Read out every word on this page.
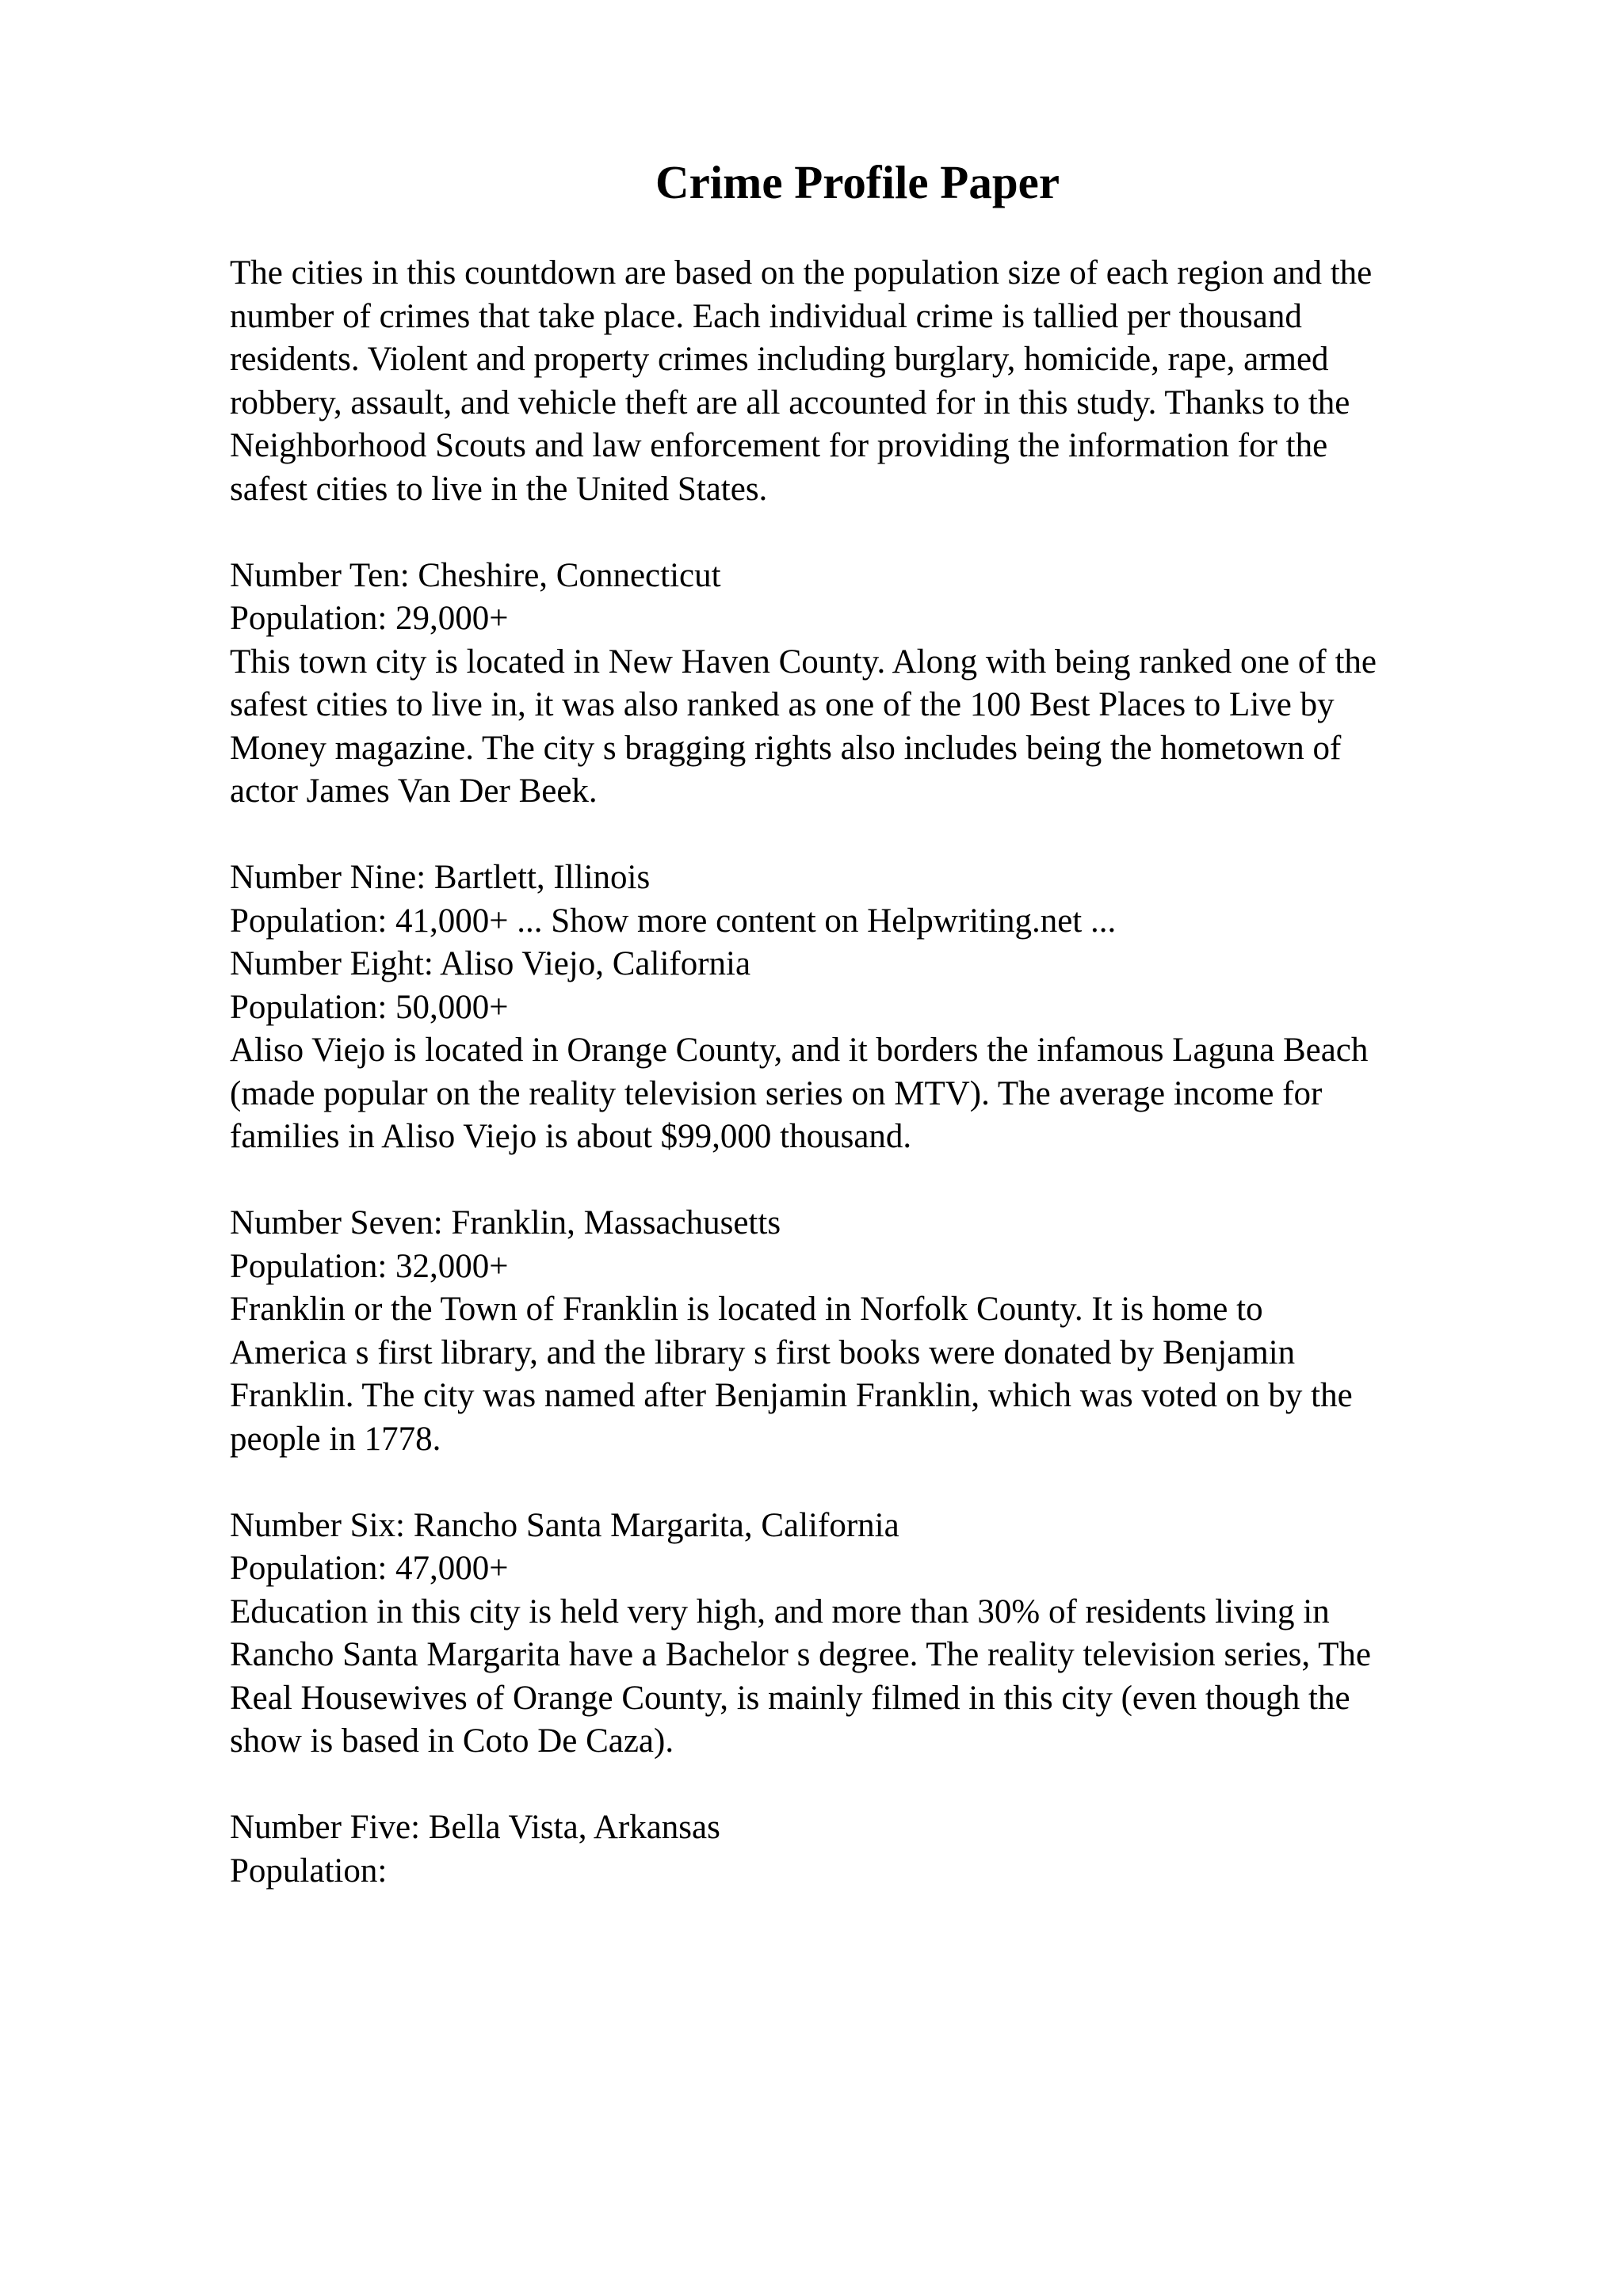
Crime Profile Paper

The cities in this countdown are based on the population size of each region and the
number of crimes that take place. Each individual crime is tallied per thousand
residents. Violent and property crimes including burglary, homicide, rape, armed
robbery, assault, and vehicle theft are all accounted for in this study. Thanks to the
Neighborhood Scouts and law enforcement for providing the information for the
safest cities to live in the United States.

Number Ten: Cheshire, Connecticut

Population: 29,000+

This town city is located in New Haven County. Along with being ranked one of the
safest cities to live in, it was also ranked as one of the 100 Best Places to Live by
Money magazine. The city s bragging rights also includes being the hometown of
actor James Van Der Beek.

Number Nine: Bartlett, Illinois

Population: 41,000+ ... Show more content on Helpwriting.net ...

Number Eight: Aliso Viejo, California

Population: 50,000+

Aliso Viejo is located in Orange County, and it borders the infamous Laguna Beach
(made popular on the reality television series on MTV). The average income for
families in Aliso Viejo is about $99,000 thousand.

Number Seven: Franklin, Massachusetts

Population: 32,000+

Franklin or the Town of Franklin is located in Norfolk County. It is home to
America s first library, and the library s first books were donated by Benjamin
Franklin. The city was named after Benjamin Franklin, which was voted on by the
people in 1778.

Number Six: Rancho Santa Margarita, California

Population: 47,000+

Education in this city is held very high, and more than 30% of residents living in
Rancho Santa Margarita have a Bachelor s degree. The reality television series, The
Real Housewives of Orange County, is mainly filmed in this city (even though the
show is based in Coto De Caza).

Number Five: Bella Vista, Arkansas

Population:
